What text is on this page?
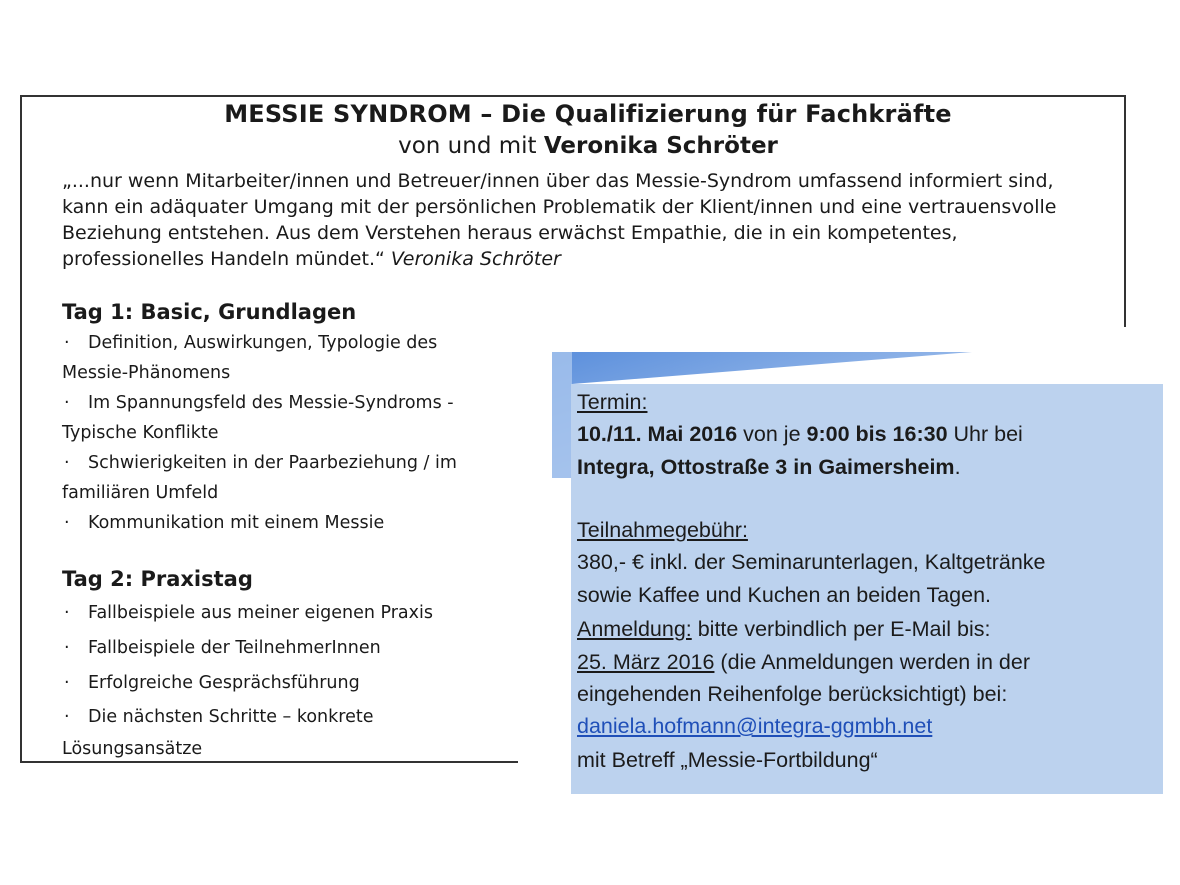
MESSIE SYNDROM – Die Qualifizierung für Fachkräfte
von und mit Veronika Schröter
„...nur wenn Mitarbeiter/innen und Betreuer/innen über das Messie-Syndrom umfassend informiert sind,
kann ein adäquater Umgang mit der persönlichen Problematik der Klient/innen und eine vertrauensvolle
Beziehung entstehen. Aus dem Verstehen heraus erwächst Empathie, die in ein kompetentes,
professionelles Handeln mündet.“ Veronika Schröter
Tag 1: Basic, Grundlagen
· Definition, Auswirkungen, Typologie des
Messie-Phänomens
· Im Spannungsfeld des Messie-Syndroms -
Typische Konflikte
· Schwierigkeiten in der Paarbeziehung / im
familiären Umfeld
· Kommunikation mit einem Messie
Tag 2: Praxistag
· Fallbeispiele aus meiner eigenen Praxis
· Fallbeispiele der TeilnehmerInnen
· Erfolgreiche Gesprächsführung
· Die nächsten Schritte – konkrete
Lösungsansätze
Termin:
10./11. Mai 2016 von je 9:00 bis 16:30 Uhr bei
Integra, Ottostraße 3 in Gaimersheim.
Teilnahmegebühr:
380,- € inkl. der Seminarunterlagen, Kaltgetränke
sowie Kaffee und Kuchen an beiden Tagen.
Anmeldung: bitte verbindlich per E-Mail bis:
25. März 2016 (die Anmeldungen werden in der
eingehenden Reihenfolge berücksichtigt) bei:
daniela.hofmann@integra-ggmbh.net
mit Betreff „Messie-Fortbildung“
